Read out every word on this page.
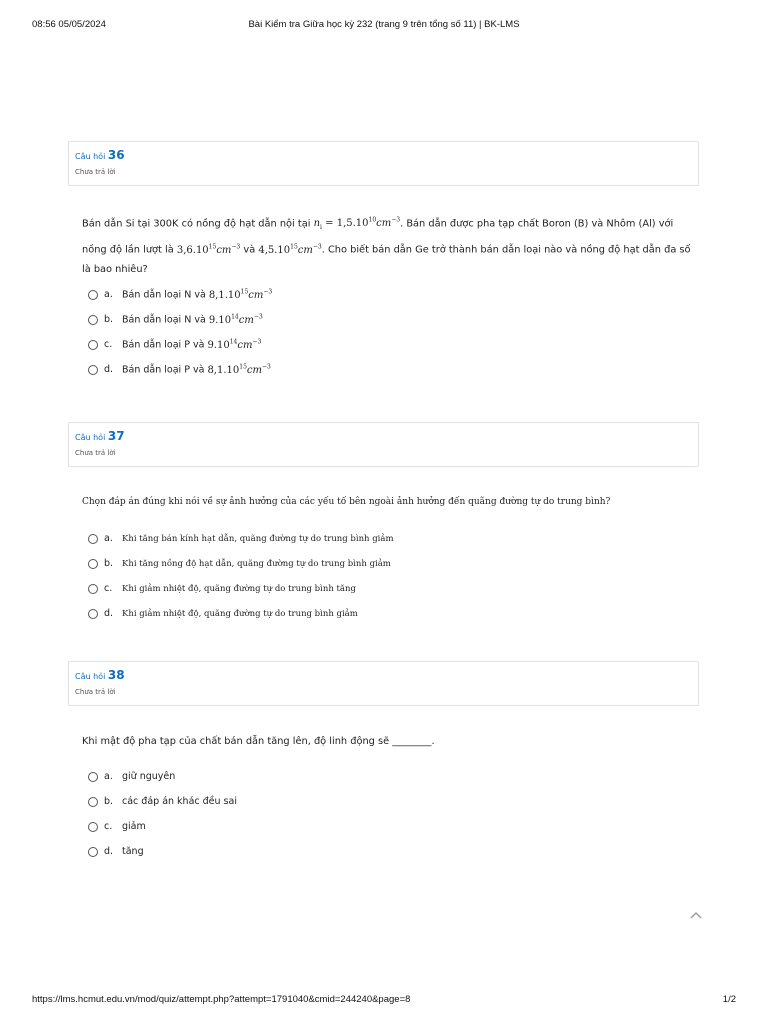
08:56 05/05/2024	Bài Kiểm tra Giữa học kỳ 232 (trang 9 trên tổng số 11) | BK-LMS
Câu hỏi 36
Chưa trả lời
Bán dẫn Si tại 300K có nồng độ hạt dẫn nội tại $n_i = 1,5.10^{10}cm^{-3}$. Bán dẫn được pha tạp chất Boron (B) và Nhôm (Al) với nồng độ lần lượt là $3,6.10^{15}cm^{-3}$ và $4,5.10^{15}cm^{-3}$. Cho biết bán dẫn Ge trở thành bán dẫn loại nào và nồng độ hạt dẫn đa số là bao nhiêu?
a. Bán dẫn loại N và $8,1.10^{15}cm^{-3}$
b. Bán dẫn loại N và $9.10^{14}cm^{-3}$
c.	Bán dẫn loại P và $9.10^{14}cm^{-3}$
d. Bán dẫn loại P và $8,1.10^{15}cm^{-3}$
Câu hỏi 37
Chưa trả lời
Chọn đáp án đúng khi nói về sự ảnh hưởng của các yếu tố bên ngoài ảnh hưởng đến quãng đường tự do trung bình?
a.	Khi tăng bán kính hạt dẫn, quãng đường tự do trung bình giảm
b.	Khi tăng nồng độ hạt dẫn, quãng đường tự do trung bình giảm
c.	Khi giảm nhiệt độ, quãng đường tự do trung bình tăng
d.	Khi giảm nhiệt độ, quãng đường tự do trung bình giảm
Câu hỏi 38
Chưa trả lời
Khi mật độ pha tạp của chất bán dẫn tăng lên, độ linh động sẽ ________.
a. giữ nguyên
b. các đáp án khác đều sai
c.	giảm
d. tăng
https://lms.hcmut.edu.vn/mod/quiz/attempt.php?attempt=1791040&cmid=244240&page=8	1/2
